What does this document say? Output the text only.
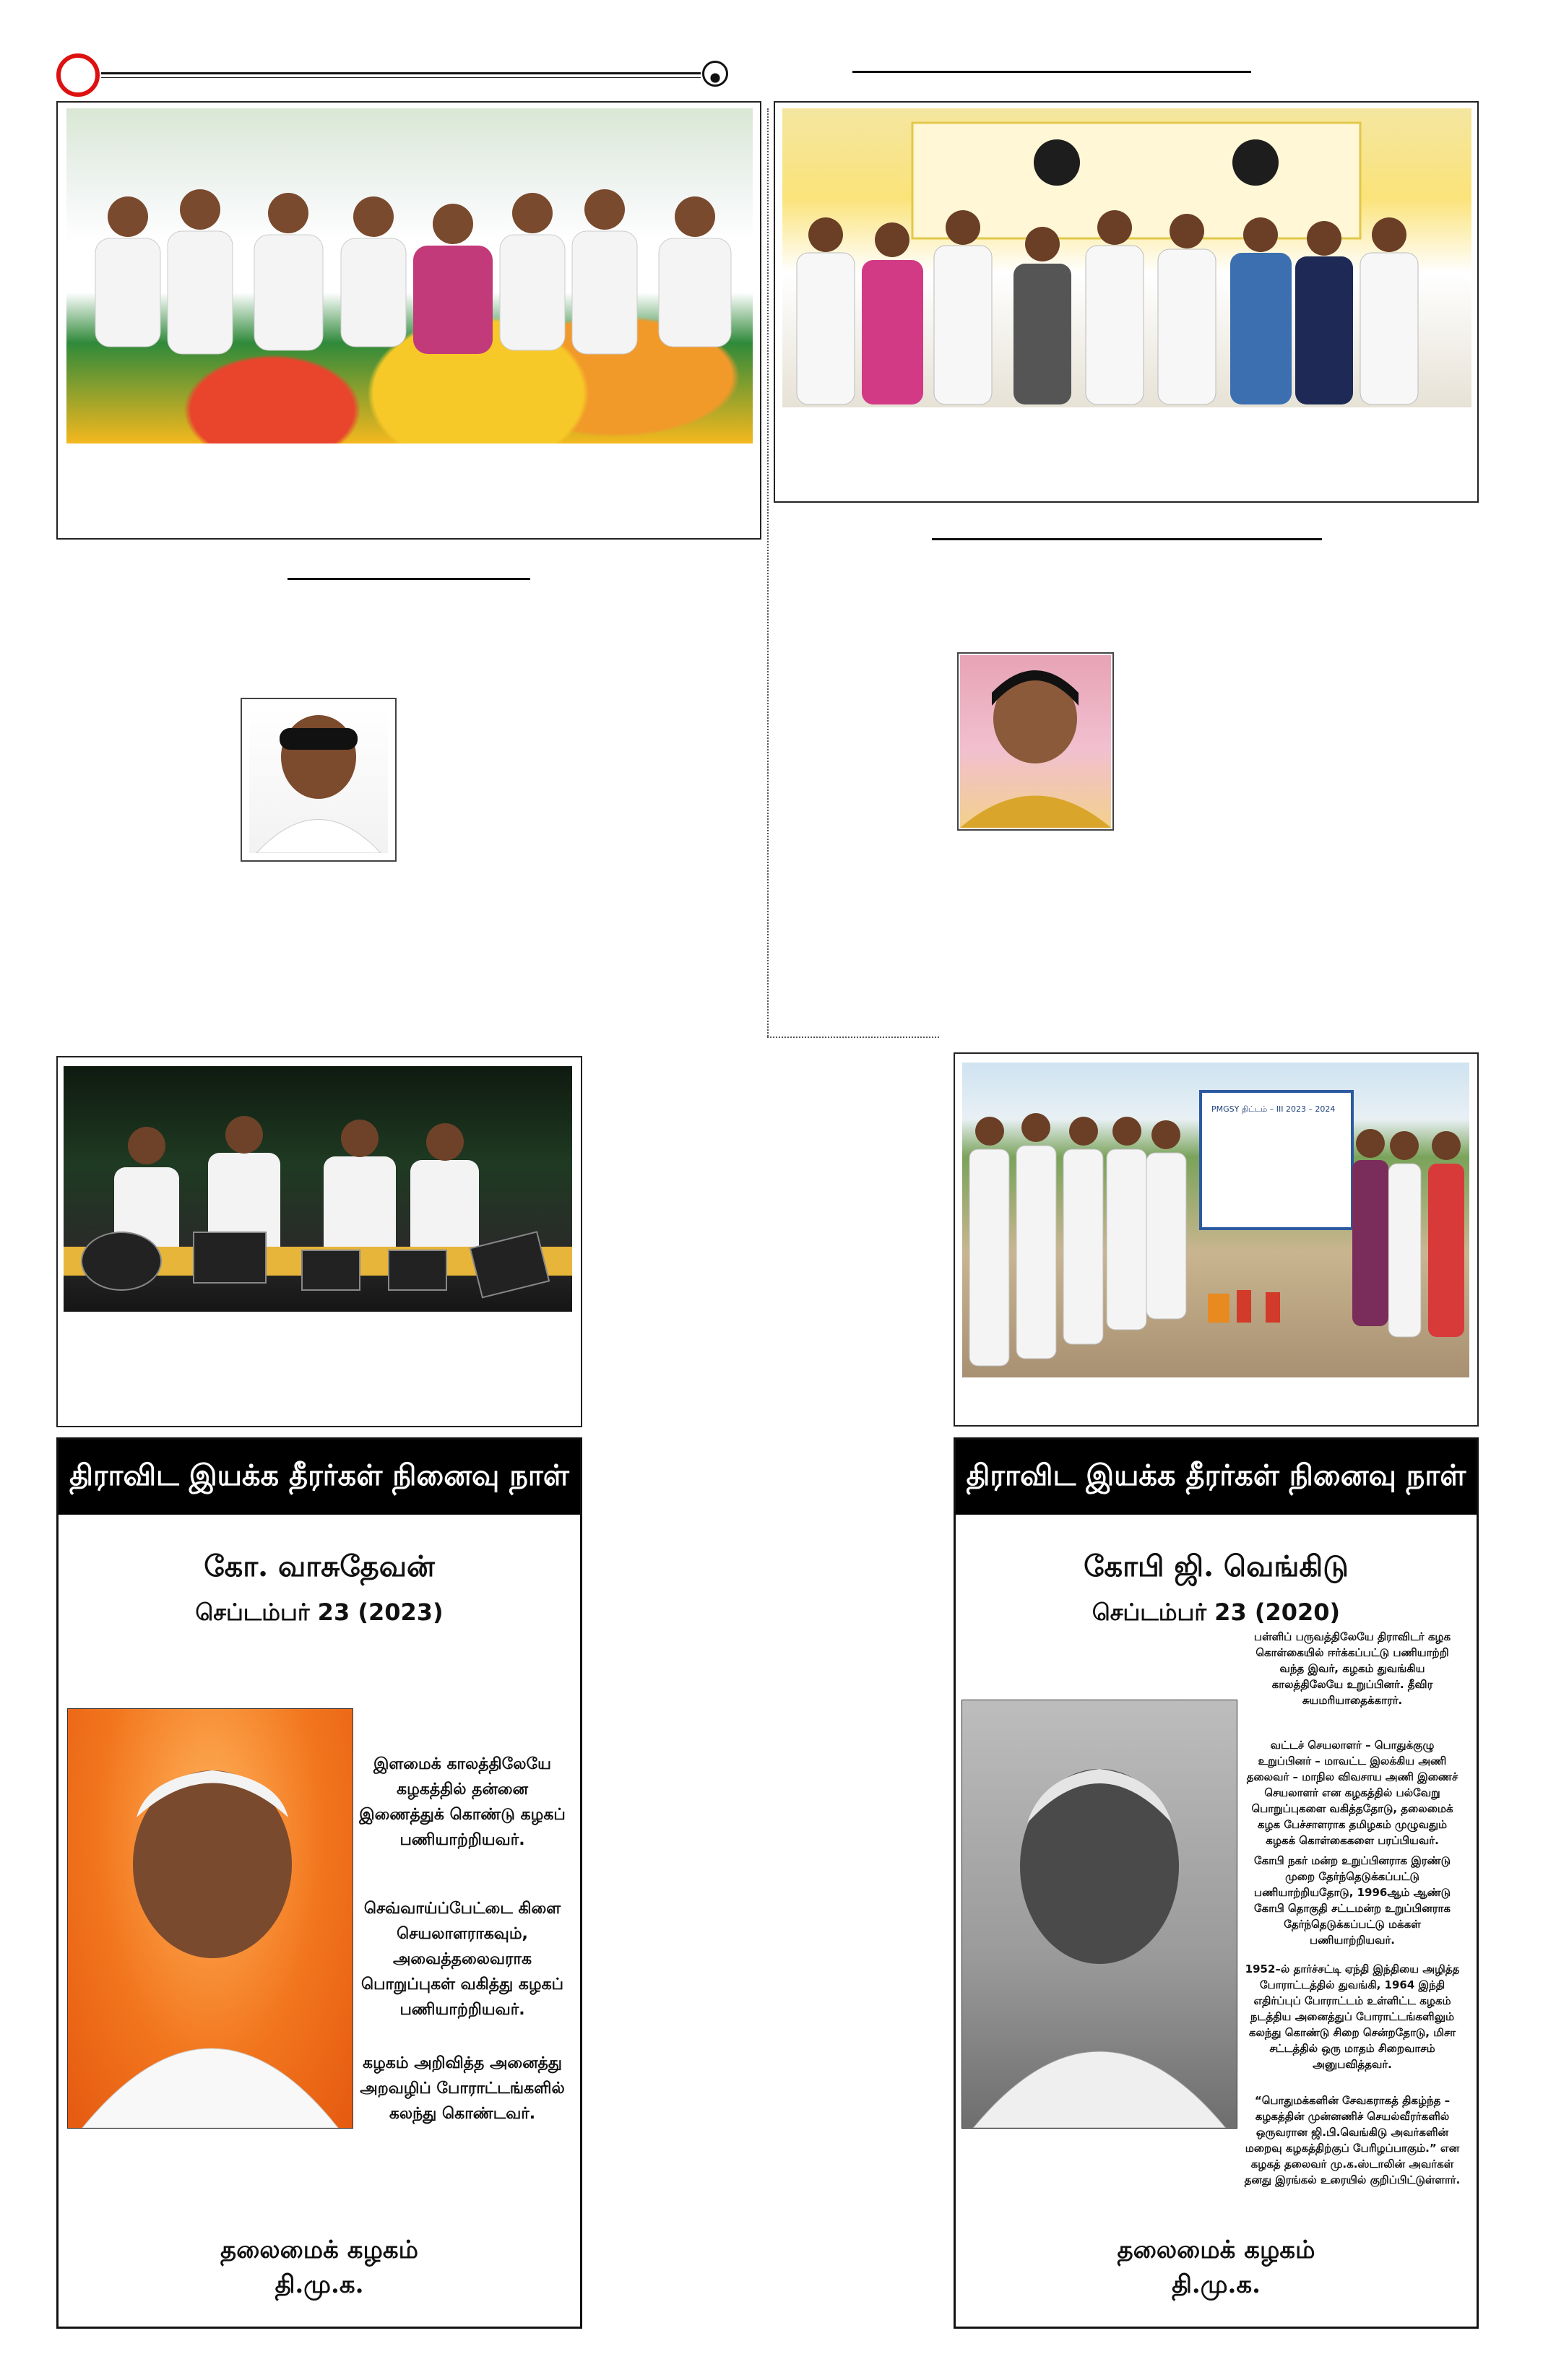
PMGSY திட்டம் – III 2023 – 2024
திராவிட இயக்க தீரர்கள் நினைவு நாள்
கோ. வாசுதேவன்
செப்டம்பர் 23 (2023)
இளமைக் காலத்திலேயே கழகத்தில் தன்னை இணைத்துக் கொண்டு கழகப் பணியாற்றியவர்.
செவ்வாய்ப்பேட்டை கிளை செயலாளராகவும், அவைத்தலைவராக பொறுப்புகள் வகித்து கழகப் பணியாற்றியவர்.
கழகம் அறிவித்த அனைத்து அறவழிப் போராட்டங்களில் கலந்து கொண்டவர்.
தலைமைக் கழகம்
தி.மு.க.
திராவிட இயக்க தீரர்கள் நினைவு நாள்
கோபி ஜி. வெங்கிடு
செப்டம்பர் 23 (2020)
பள்ளிப் பருவத்திலேயே திராவிடர் கழக கொள்கையில் ஈர்க்கப்பட்டு பணியாற்றி வந்த இவர், கழகம் துவங்கிய காலத்திலேயே உறுப்பினர். தீவிர சுயமரியாதைக்காரர்.
வட்டச் செயலாளர் – பொதுக்குழு உறுப்பினர் – மாவட்ட இலக்கிய அணி தலைவர் – மாநில விவசாய அணி இணைச் செயலாளர் என கழகத்தில் பல்வேறு பொறுப்புகளை வகித்ததோடு, தலைமைக் கழக பேச்சாளராக தமிழகம் முழுவதும் கழகக் கொள்கைகளை பரப்பியவர்.
கோபி நகர் மன்ற உறுப்பினராக இரண்டு முறை தேர்ந்தெடுக்கப்பட்டு பணியாற்றியதோடு, 1996ஆம் ஆண்டு கோபி தொகுதி சட்டமன்ற உறுப்பினராக தேர்ந்தெடுக்கப்பட்டு மக்கள் பணியாற்றியவர்.
1952–ல் தார்ச்சட்டி ஏந்தி இந்தியை அழித்த போராட்டத்தில் துவங்கி, 1964 இந்தி எதிர்ப்புப் போராட்டம் உள்ளிட்ட கழகம் நடத்திய அனைத்துப் போராட்டங்களிலும் கலந்து கொண்டு சிறை சென்றதோடு, மிசா சட்டத்தில் ஒரு மாதம் சிறைவாசம் அனுபவித்தவர்.
“பொதுமக்களின் சேவகராகத் திகழ்ந்த – கழகத்தின் முன்னணிச் செயல்வீரர்களில் ஒருவரான ஜி.பி.வெங்கிடு அவர்களின் மறைவு கழகத்திற்குப் பேரிழப்பாகும்.” என கழகத் தலைவர் மு.க.ஸ்டாலின் அவர்கள் தனது இரங்கல் உரையில் குறிப்பிட்டுள்ளார்.
தலைமைக் கழகம்
தி.மு.க.
